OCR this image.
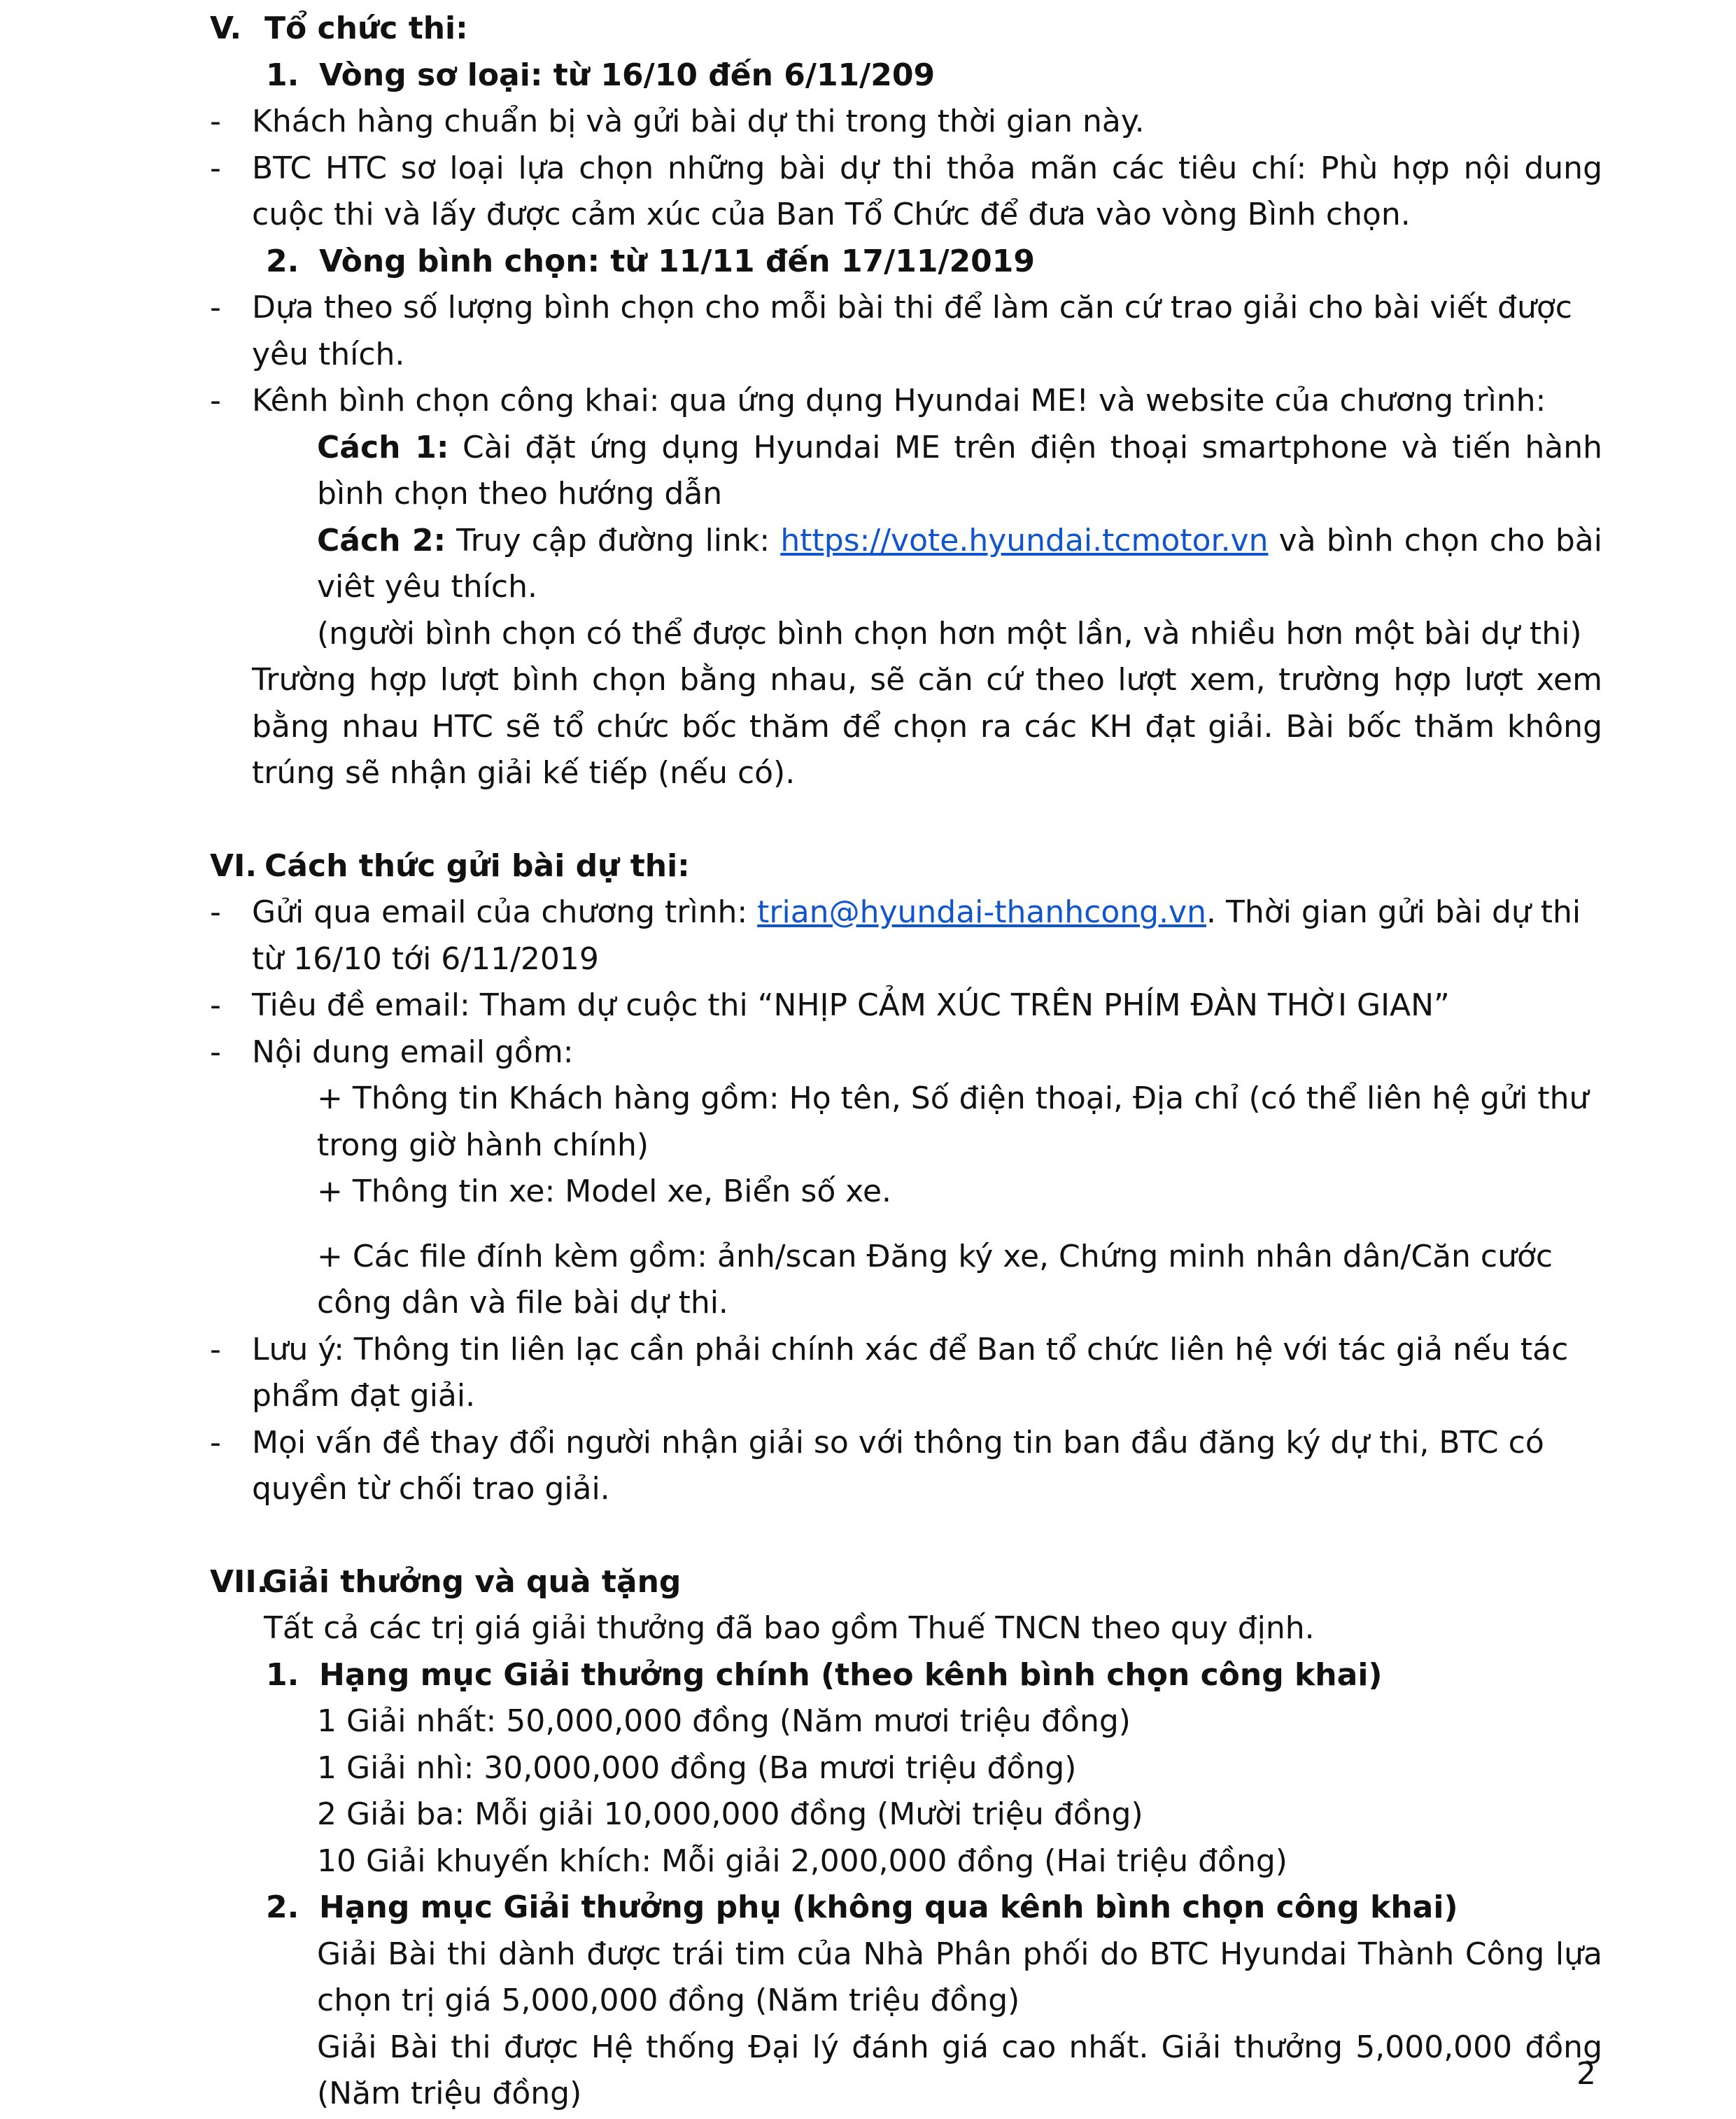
V. Tổ chức thi:
1. Vòng sơ loại: từ 16/10 đến 6/11/209
- Khách hàng chuẩn bị và gửi bài dự thi trong thời gian này.
- BTC HTC sơ loại lựa chọn những bài dự thi thỏa mãn các tiêu chí: Phù hợp nội dung cuộc thi và lấy được cảm xúc của Ban Tổ Chức để đưa vào vòng Bình chọn.
2. Vòng bình chọn: từ 11/11 đến 17/11/2019
- Dựa theo số lượng bình chọn cho mỗi bài thi để làm căn cứ trao giải cho bài viết được yêu thích.
- Kênh bình chọn công khai: qua ứng dụng Hyundai ME! và website của chương trình:
Cách 1: Cài đặt ứng dụng Hyundai ME trên điện thoại smartphone và tiến hành bình chọn theo hướng dẫn
Cách 2: Truy cập đường link: https://vote.hyundai.tcmotor.vn và bình chọn cho bài viêt yêu thích.
(người bình chọn có thể được bình chọn hơn một lần, và nhiều hơn một bài dự thi)
Trường hợp lượt bình chọn bằng nhau, sẽ căn cứ theo lượt xem, trường hợp lượt xem bằng nhau HTC sẽ tổ chức bốc thăm để chọn ra các KH đạt giải. Bài bốc thăm không trúng sẽ nhận giải kế tiếp (nếu có).
VI. Cách thức gửi bài dự thi:
- Gửi qua email của chương trình: trian@hyundai-thanhcong.vn. Thời gian gửi bài dự thi từ 16/10 tới 6/11/2019
- Tiêu đề email: Tham dự cuộc thi “NHỊP CẢM XÚC TRÊN PHÍM ĐÀN THỜI GIAN”
- Nội dung email gồm:
+ Thông tin Khách hàng gồm: Họ tên, Số điện thoại, Địa chỉ (có thể liên hệ gửi thư trong giờ hành chính)
+ Thông tin xe: Model xe, Biển số xe.
+ Các file đính kèm gồm: ảnh/scan Đăng ký xe, Chứng minh nhân dân/Căn cước công dân và file bài dự thi.
- Lưu ý: Thông tin liên lạc cần phải chính xác để Ban tổ chức liên hệ với tác giả nếu tác phẩm đạt giải.
- Mọi vấn đề thay đổi người nhận giải so với thông tin ban đầu đăng ký dự thi, BTC có quyền từ chối trao giải.
VII.Giải thưởng và quà tặng
Tất cả các trị giá giải thưởng đã bao gồm Thuế TNCN theo quy định.
1. Hạng mục Giải thưởng chính (theo kênh bình chọn công khai)
1 Giải nhất: 50,000,000 đồng (Năm mươi triệu đồng)
1 Giải nhì: 30,000,000 đồng (Ba mươi triệu đồng)
2 Giải ba: Mỗi giải 10,000,000 đồng (Mười triệu đồng)
10 Giải khuyến khích: Mỗi giải 2,000,000 đồng (Hai triệu đồng)
2. Hạng mục Giải thưởng phụ (không qua kênh bình chọn công khai)
Giải Bài thi dành được trái tim của Nhà Phân phối do BTC Hyundai Thành Công lựa chọn trị giá 5,000,000 đồng (Năm triệu đồng)
Giải Bài thi được Hệ thống Đại lý đánh giá cao nhất. Giải thưởng 5,000,000 đồng (Năm triệu đồng)
2
